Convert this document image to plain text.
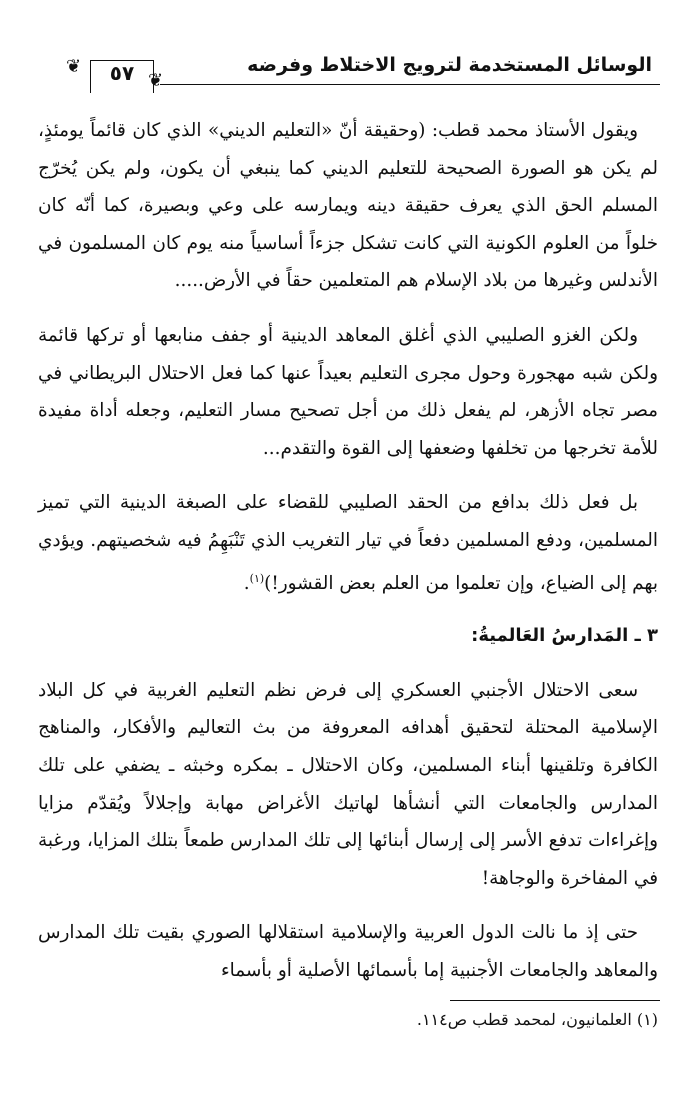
الوسائل المستخدمة لترويج الاختلاط وفرضه
٥٧
❦
❦

ويقول الأستاذ محمد قطب: (وحقيقة أنّ «التعليم الديني» الذي كان قائماً يومئذٍ، لم يكن هو الصورة الصحيحة للتعليم الديني كما ينبغي أن يكون، ولم يكن يُخرّج المسلم الحق الذي يعرف حقيقة دينه ويمارسه على وعي وبصيرة، كما أنّه كان خلواً من العلوم الكونية التي كانت تشكل جزءاً أساسياً منه يوم كان المسلمون في الأندلس وغيرها من بلاد الإسلام هم المتعلمين حقاً في الأرض.....

ولكن الغزو الصليبي الذي أغلق المعاهد الدينية أو جفف منابعها أو تركها قائمة ولكن شبه مهجورة وحول مجرى التعليم بعيداً عنها كما فعل الاحتلال البريطاني في مصر تجاه الأزهر، لم يفعل ذلك من أجل تصحيح مسار التعليم، وجعله أداة مفيدة للأمة تخرجها من تخلفها وضعفها إلى القوة والتقدم...

بل فعل ذلك بدافع من الحقد الصليبي للقضاء على الصبغة الدينية التي تميز المسلمين، ودفع المسلمين دفعاً في تيار التغريب الذي تَنْبَهِمُ فيه شخصيتهم. ويؤدي بهم إلى الضياع، وإن تعلموا من العلم بعض القشور!)$^{(١)}$.

٣ ـ المَدارسُ العَالميةُ:

سعى الاحتلال الأجنبي العسكري إلى فرض نظم التعليم الغربية في كل البلاد الإسلامية المحتلة لتحقيق أهدافه المعروفة من بث التعاليم والأفكار، والمناهج الكافرة وتلقينها أبناء المسلمين، وكان الاحتلال ـ بمكره وخبثه ـ يضفي على تلك المدارس والجامعات التي أنشأها لهاتيك الأغراض مهابة وإجلالاً ويُقدّم مزايا وإغراءات تدفع الأسر إلى إرسال أبنائها إلى تلك المدارس طمعاً بتلك المزايا، ورغبة في المفاخرة والوجاهة!

حتى إذ ما نالت الدول العربية والإسلامية استقلالها الصوري بقيت تلك المدارس والمعاهد والجامعات الأجنبية إما بأسمائها الأصلية أو بأسماء

(١) العلمانيون، لمحمد قطب ص١١٤.
